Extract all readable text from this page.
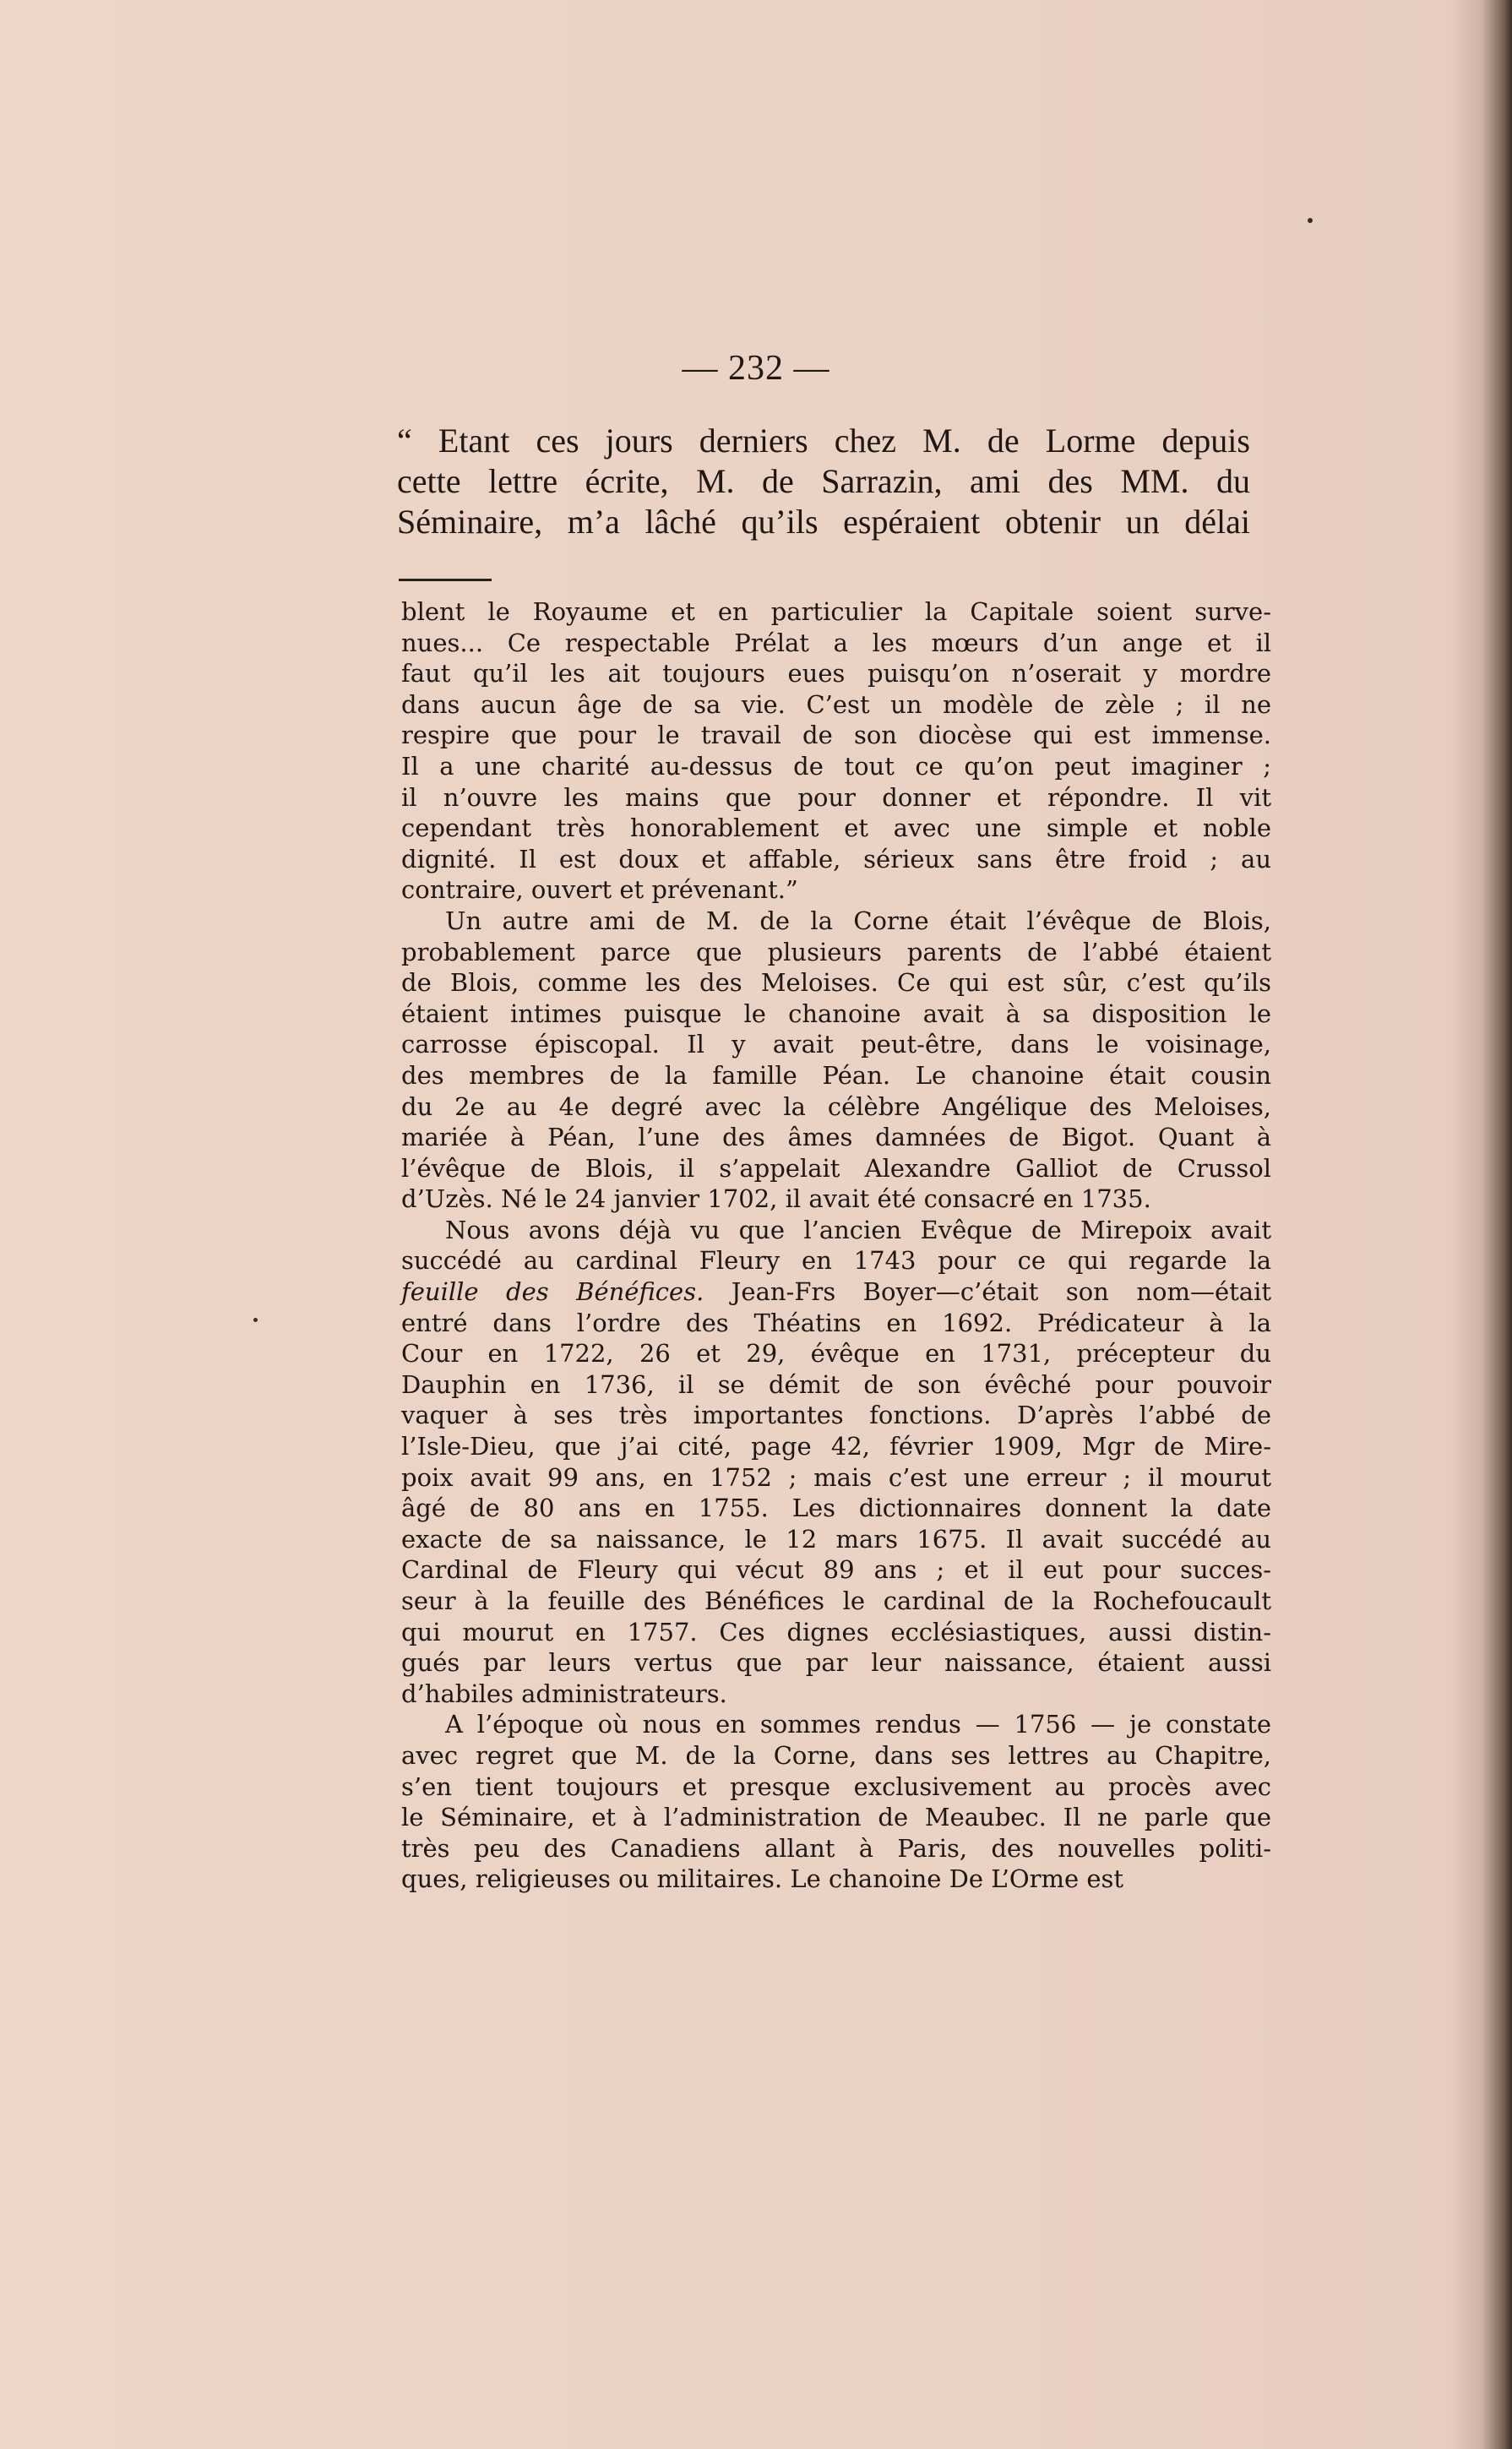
— 232 —
“ Etant ces jours derniers chez M. de Lorme depuis
cette lettre écrite, M. de Sarrazin, ami des MM. du
Séminaire, m’a lâché qu’ils espéraient obtenir un délai

blent le Royaume et en particulier la Capitale soient surve-
nues... Ce respectable Prélat a les mœurs d’un ange et il
faut qu’il les ait toujours eues puisqu’on n’oserait y mordre
dans aucun âge de sa vie. C’est un modèle de zèle ; il ne
respire que pour le travail de son diocèse qui est immense.
Il a une charité au-dessus de tout ce qu’on peut imaginer ;
il n’ouvre les mains que pour donner et répondre. Il vit
cependant très honorablement et avec une simple et noble
dignité. Il est doux et affable, sérieux sans être froid ; au
contraire, ouvert et prévenant.”

Un autre ami de M. de la Corne était l’évêque de Blois,
probablement parce que plusieurs parents de l’abbé étaient
de Blois, comme les des Meloises. Ce qui est sûr, c’est qu’ils
étaient intimes puisque le chanoine avait à sa disposition le
carrosse épiscopal. Il y avait peut-être, dans le voisinage,
des membres de la famille Péan. Le chanoine était cousin
du 2e au 4e degré avec la célèbre Angélique des Meloises,
mariée à Péan, l’une des âmes damnées de Bigot. Quant à
l’évêque de Blois, il s’appelait Alexandre Galliot de Crussol
d’Uzès. Né le 24 janvier 1702, il avait été consacré en 1735.

Nous avons déjà vu que l’ancien Evêque de Mirepoix avait
succédé au cardinal Fleury en 1743 pour ce qui regarde la
feuille des Bénéfices. Jean-Frs Boyer—c’était son nom—était
entré dans l’ordre des Théatins en 1692. Prédicateur à la
Cour en 1722, 26 et 29, évêque en 1731, précepteur du
Dauphin en 1736, il se démit de son évêché pour pouvoir
vaquer à ses très importantes fonctions. D’après l’abbé de
l’Isle-Dieu, que j’ai cité, page 42, février 1909, Mgr de Mire-
poix avait 99 ans, en 1752 ; mais c’est une erreur ; il mourut
âgé de 80 ans en 1755. Les dictionnaires donnent la date
exacte de sa naissance, le 12 mars 1675. Il avait succédé au
Cardinal de Fleury qui vécut 89 ans ; et il eut pour succes-
seur à la feuille des Bénéfices le cardinal de la Rochefoucault
qui mourut en 1757. Ces dignes ecclésiastiques, aussi distin-
gués par leurs vertus que par leur naissance, étaient aussi
d’habiles administrateurs.

A l’époque où nous en sommes rendus — 1756 — je constate
avec regret que M. de la Corne, dans ses lettres au Chapitre,
s’en tient toujours et presque exclusivement au procès avec
le Séminaire, et à l’administration de Meaubec. Il ne parle que
très peu des Canadiens allant à Paris, des nouvelles politi-
ques, religieuses ou militaires. Le chanoine De L’Orme est
